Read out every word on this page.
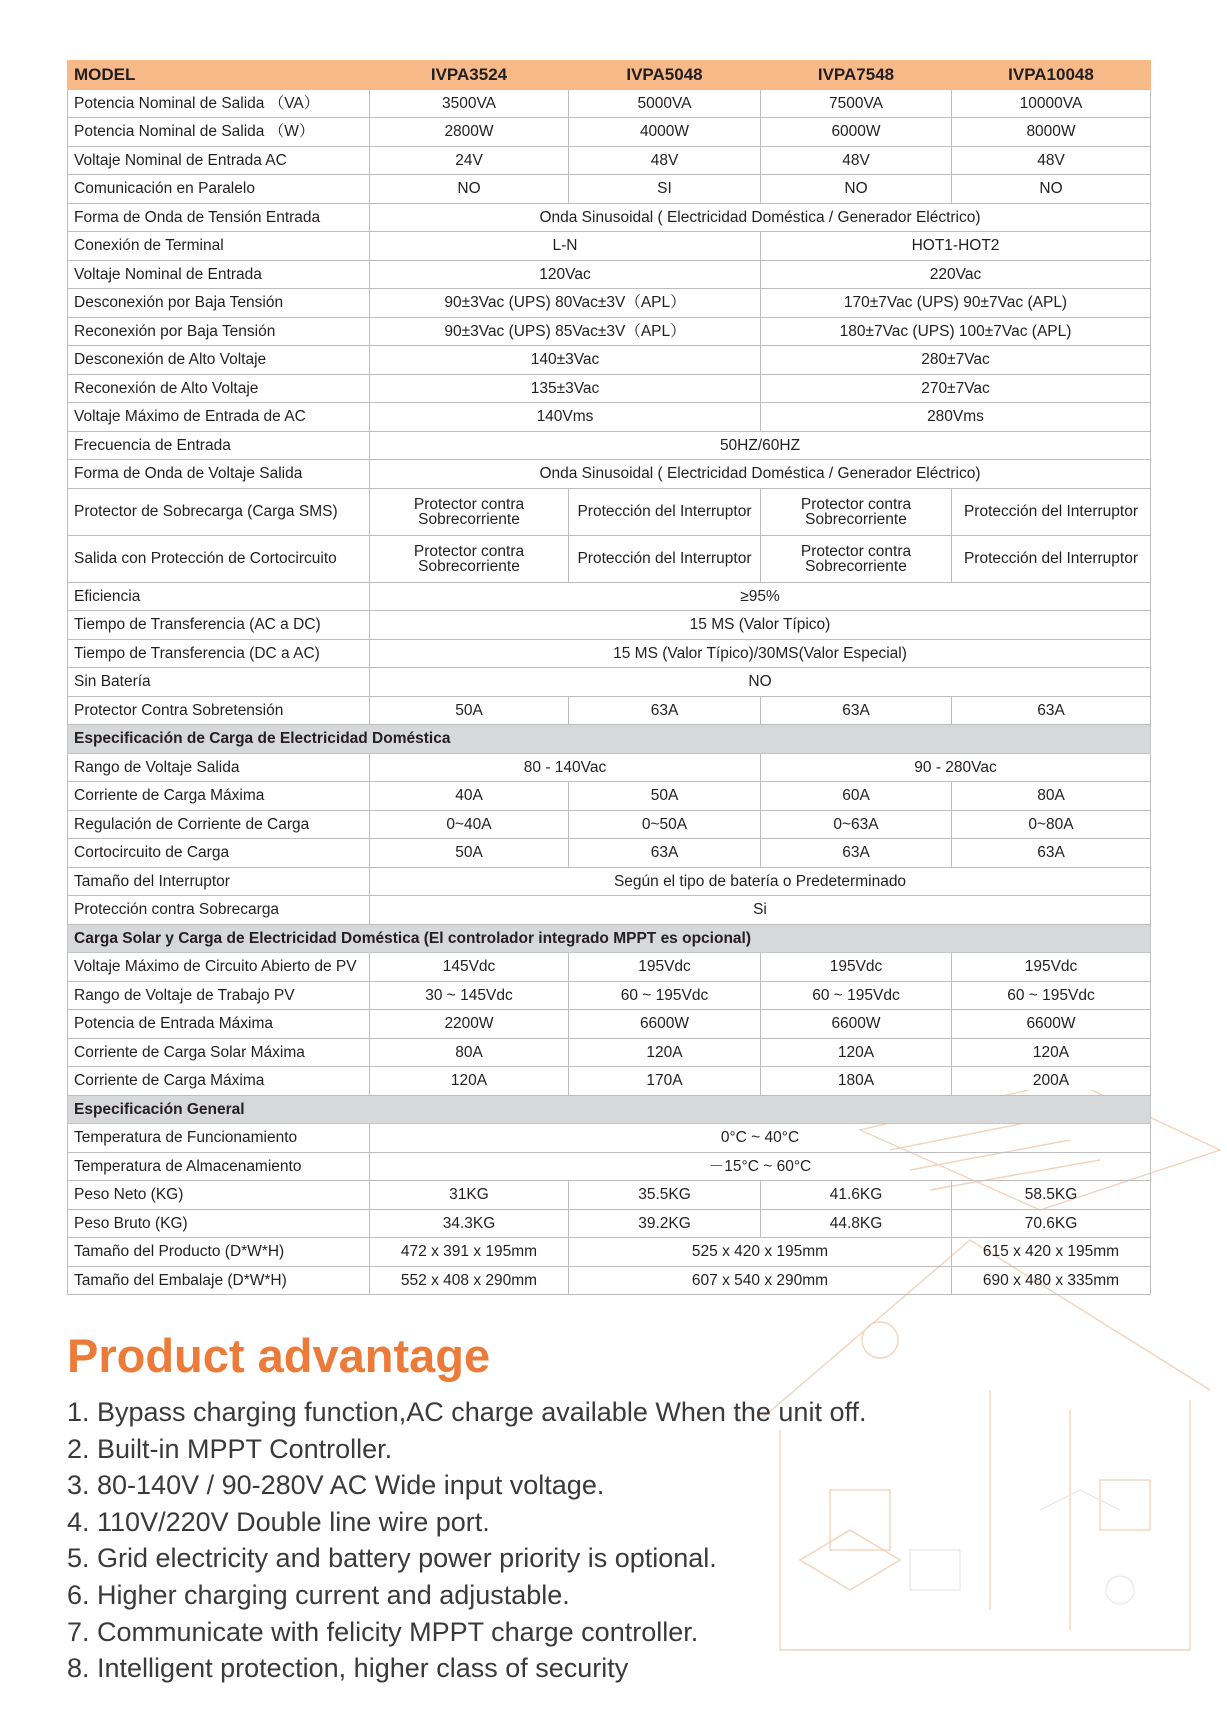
MODEL	IVPA3524	IVPA5048	IVPA7548	IVPA10048
Potencia Nominal de Salida （VA）	3500VA	5000VA	7500VA	10000VA
Potencia Nominal de Salida （W）	2800W	4000W	6000W	8000W
Voltaje Nominal de Entrada AC	24V	48V	48V	48V
Comunicación en Paralelo	NO	SI	NO	NO
Forma de Onda de Tensión Entrada	Onda Sinusoidal ( Electricidad Doméstica / Generador Eléctrico)			
Conexión de Terminal	L-N		HOT1-HOT2	
Voltaje Nominal de Entrada	120Vac		220Vac	
Desconexión por Baja Tensión	90±3Vac (UPS) 80Vac±3V（APL）		170±7Vac (UPS) 90±7Vac (APL)	
Reconexión por Baja Tensión	90±3Vac (UPS) 85Vac±3V（APL）		180±7Vac (UPS) 100±7Vac (APL)	
Desconexión de Alto Voltaje	140±3Vac		280±7Vac	
Reconexión de Alto Voltaje	135±3Vac		270±7Vac	
Voltaje Máximo de Entrada de AC	140Vms		280Vms	
Frecuencia de Entrada	50HZ/60HZ			
Forma de Onda de Voltaje Salida	Onda Sinusoidal ( Electricidad Doméstica / Generador Eléctrico)			
Protector de Sobrecarga (Carga SMS)	Protector contra Sobrecorriente	Protección del Interruptor	Protector contra Sobrecorriente	Protección del Interruptor
Salida con Protección de Cortocircuito	Protector contra Sobrecorriente	Protección del Interruptor	Protector contra Sobrecorriente	Protección del Interruptor
Eficiencia	≥95%			
Tiempo de Transferencia (AC a DC)	15 MS (Valor Típico)			
Tiempo de Transferencia (DC a AC)	15 MS (Valor Típico)/30MS(Valor Especial)			
Sin Batería	NO			
Protector Contra Sobretensión	50A	63A	63A	63A
Especificación de Carga de Electricidad Doméstica				
Rango de Voltaje Salida	80 - 140Vac		90 - 280Vac	
Corriente de Carga Máxima	40A	50A	60A	80A
Regulación de Corriente de Carga	0~40A	0~50A	0~63A	0~80A
Cortocircuito de Carga	50A	63A	63A	63A
Tamaño del Interruptor	Según el tipo de batería o Predeterminado			
Protección contra Sobrecarga	Si			
Carga Solar y Carga de Electricidad Doméstica (El controlador integrado MPPT es opcional)				
Voltaje Máximo de Circuito Abierto de PV	145Vdc	195Vdc	195Vdc	195Vdc
Rango de Voltaje de Trabajo PV	30 ~ 145Vdc	60 ~ 195Vdc	60 ~ 195Vdc	60 ~ 195Vdc
Potencia de Entrada Máxima	2200W	6600W	6600W	6600W
Corriente de Carga Solar Máxima	80A	120A	120A	120A
Corriente de Carga Máxima	120A	170A	180A	200A
Especificación General				
Temperatura de Funcionamiento	0°C ~ 40°C			
Temperatura de Almacenamiento	－15°C ~ 60°C			
Peso Neto (KG)	31KG	35.5KG	41.6KG	58.5KG
Peso Bruto (KG)	34.3KG	39.2KG	44.8KG	70.6KG
Tamaño del Producto (D*W*H)	472 x 391 x 195mm	525 x 420 x 195mm		615 x 420 x 195mm
Tamaño del Embalaje (D*W*H)	552 x 408 x 290mm	607 x 540 x 290mm		690 x 480 x 335mm
Product advantage
1. Bypass charging function,AC charge available When the unit off.
2. Built-in MPPT Controller.
3. 80-140V / 90-280V AC Wide input voltage.
4. 110V/220V Double line wire port.
5. Grid electricity and battery power priority is optional.
6. Higher charging current and adjustable.
7. Communicate with felicity MPPT charge controller.
8. Intelligent protection, higher class of security
